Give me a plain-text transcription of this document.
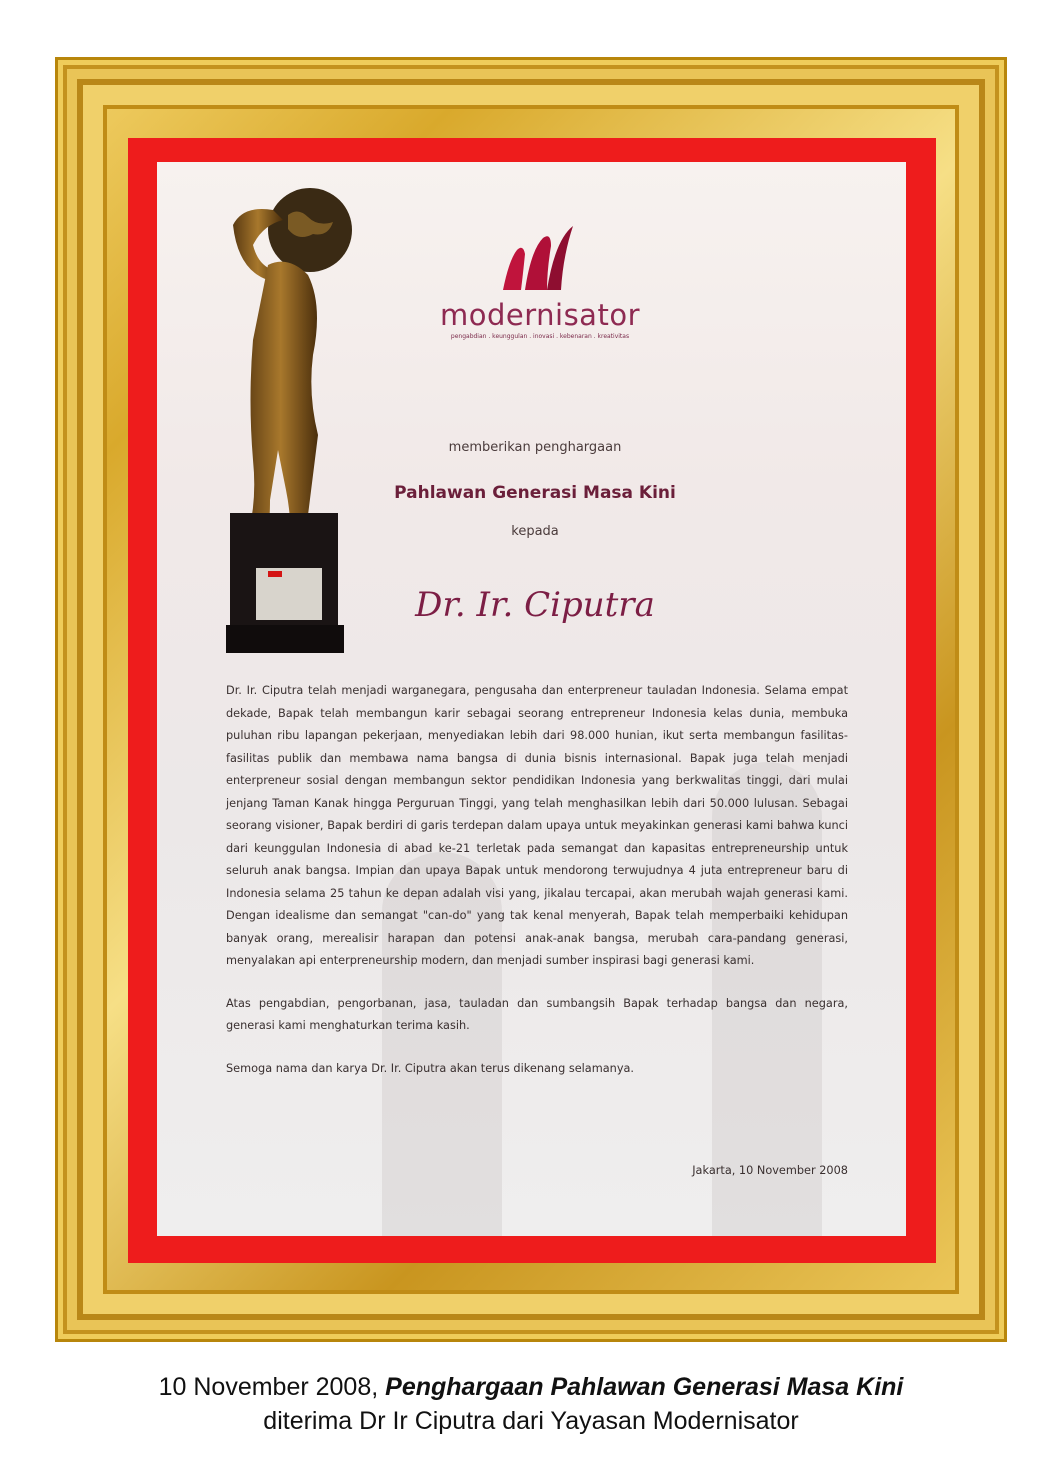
modernisator
pengabdian . keunggulan . inovasi . kebenaran . kreativitas
memberikan penghargaan
Pahlawan Generasi Masa Kini
kepada
Dr. Ir. Ciputra

Dr. Ir. Ciputra telah menjadi warganegara, pengusaha dan enterpreneur tauladan Indonesia. Selama empat dekade, Bapak telah membangun karir sebagai seorang entrepreneur Indonesia kelas dunia, membuka puluhan ribu lapangan pekerjaan, menyediakan lebih dari 98.000 hunian, ikut serta membangun fasilitas-fasilitas publik dan membawa nama bangsa di dunia bisnis internasional. Bapak juga telah menjadi enterpreneur sosial dengan membangun sektor pendidikan Indonesia yang berkwalitas tinggi, dari mulai jenjang Taman Kanak hingga Perguruan Tinggi, yang telah menghasilkan lebih dari 50.000 lulusan. Sebagai seorang visioner, Bapak berdiri di garis terdepan dalam upaya untuk meyakinkan generasi kami bahwa kunci dari keunggulan Indonesia di abad ke-21 terletak pada semangat dan kapasitas entrepreneurship untuk seluruh anak bangsa. Impian dan upaya Bapak untuk mendorong terwujudnya 4 juta entrepreneur baru di Indonesia selama 25 tahun ke depan adalah visi yang, jikalau tercapai, akan merubah wajah generasi kami. Dengan idealisme dan semangat "can-do" yang tak kenal menyerah, Bapak telah memperbaiki kehidupan banyak orang, merealisir harapan dan potensi anak-anak bangsa, merubah cara-pandang generasi, menyalakan api enterpreneurship modern, dan menjadi sumber inspirasi bagi generasi kami.

Atas pengabdian, pengorbanan, jasa, tauladan dan sumbangsih Bapak terhadap bangsa dan negara, generasi kami menghaturkan terima kasih.

Semoga nama dan karya Dr. Ir. Ciputra akan terus dikenang selamanya.

Jakarta, 10 November 2008
10 November 2008, Penghargaan Pahlawan Generasi Masa Kini
diterima Dr Ir Ciputra dari Yayasan Modernisator
